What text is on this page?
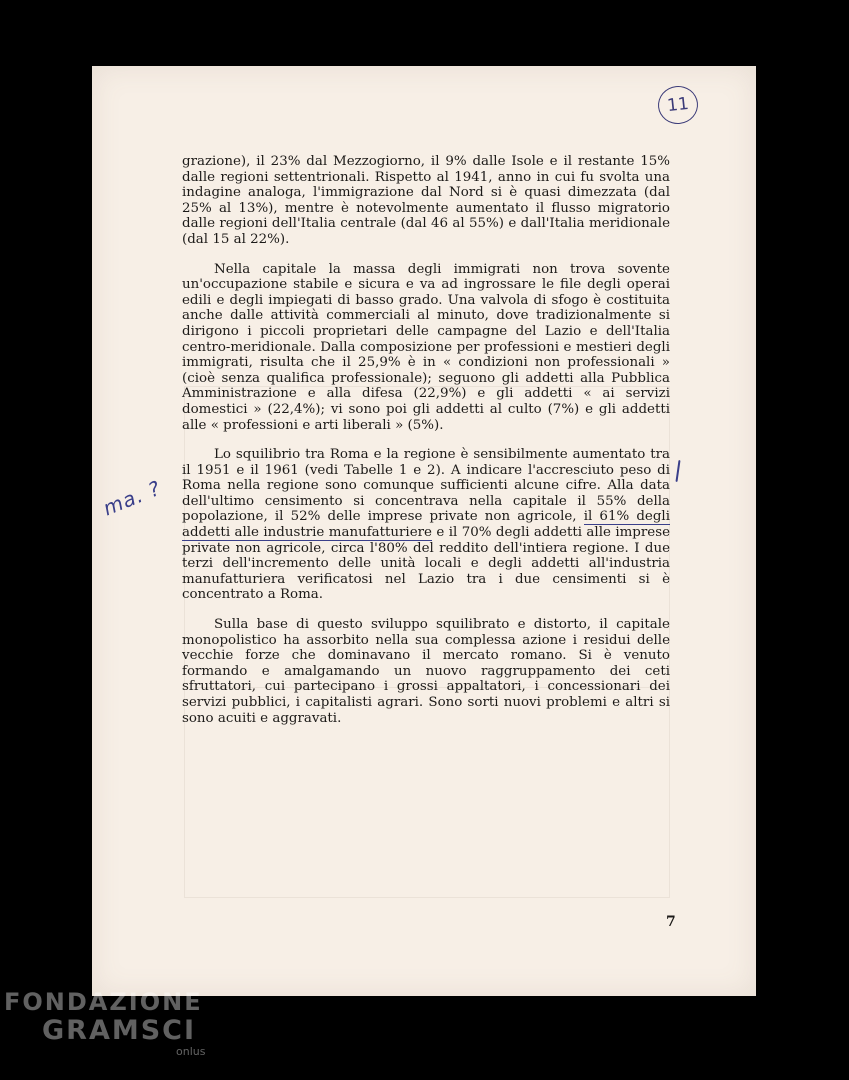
11
ma. ?

grazione), il 23% dal Mezzogiorno, il 9% dalle Isole e il restante 15% dalle regioni settentrionali. Rispetto al 1941, anno in cui fu svolta una indagine analoga, l'immigrazione dal Nord si è quasi dimezzata (dal 25% al 13%), mentre è notevolmente aumentato il flusso migratorio dalle regioni dell'Italia centrale (dal 46 al 55%) e dall'Italia meridionale (dal 15 al 22%).

Nella capitale la massa degli immigrati non trova sovente un'occupazione stabile e sicura e va ad ingrossare le file degli operai edili e degli impiegati di basso grado. Una valvola di sfogo è costituita anche dalle attività commerciali al minuto, dove tradizionalmente si dirigono i piccoli proprietari delle campagne del Lazio e dell'Italia centro-meridionale. Dalla composizione per professioni e mestieri degli immigrati, risulta che il 25,9% è in « condizioni non professionali » (cioè senza qualifica professionale); seguono gli addetti alla Pubblica Amministrazione e alla difesa (22,9%) e gli addetti « ai servizi domestici » (22,4%); vi sono poi gli addetti al culto (7%) e gli addetti alle « professioni e arti liberali » (5%).

Lo squilibrio tra Roma e la regione è sensibilmente aumentato tra il 1951 e il 1961 (vedi Tabelle 1 e 2). A indicare l'accresciuto peso di Roma nella regione sono comunque sufficienti alcune cifre. Alla data dell'ultimo censimento si concentrava nella capitale il 55% della popolazione, il 52% delle imprese private non agricole, il 61% degli addetti alle industrie manufatturiere e il 70% degli addetti alle imprese private non agricole, circa l'80% del reddito dell'intiera regione. I due terzi dell'incremento delle unità locali e degli addetti all'industria manufatturiera verificatosi nel Lazio tra i due censimenti si è concentrato a Roma.

Sulla base di questo sviluppo squilibrato e distorto, il capitale monopolistico ha assorbito nella sua complessa azione i residui delle vecchie forze che dominavano il mercato romano. Si è venuto formando e amalgamando un nuovo raggruppamento dei ceti sfruttatori, cui partecipano i grossi appaltatori, i concessionari dei servizi pubblici, i capitalisti agrari. Sono sorti nuovi problemi e altri si sono acuiti e aggravati.

7
FONDAZIONE
GRAMSCI
onlus
